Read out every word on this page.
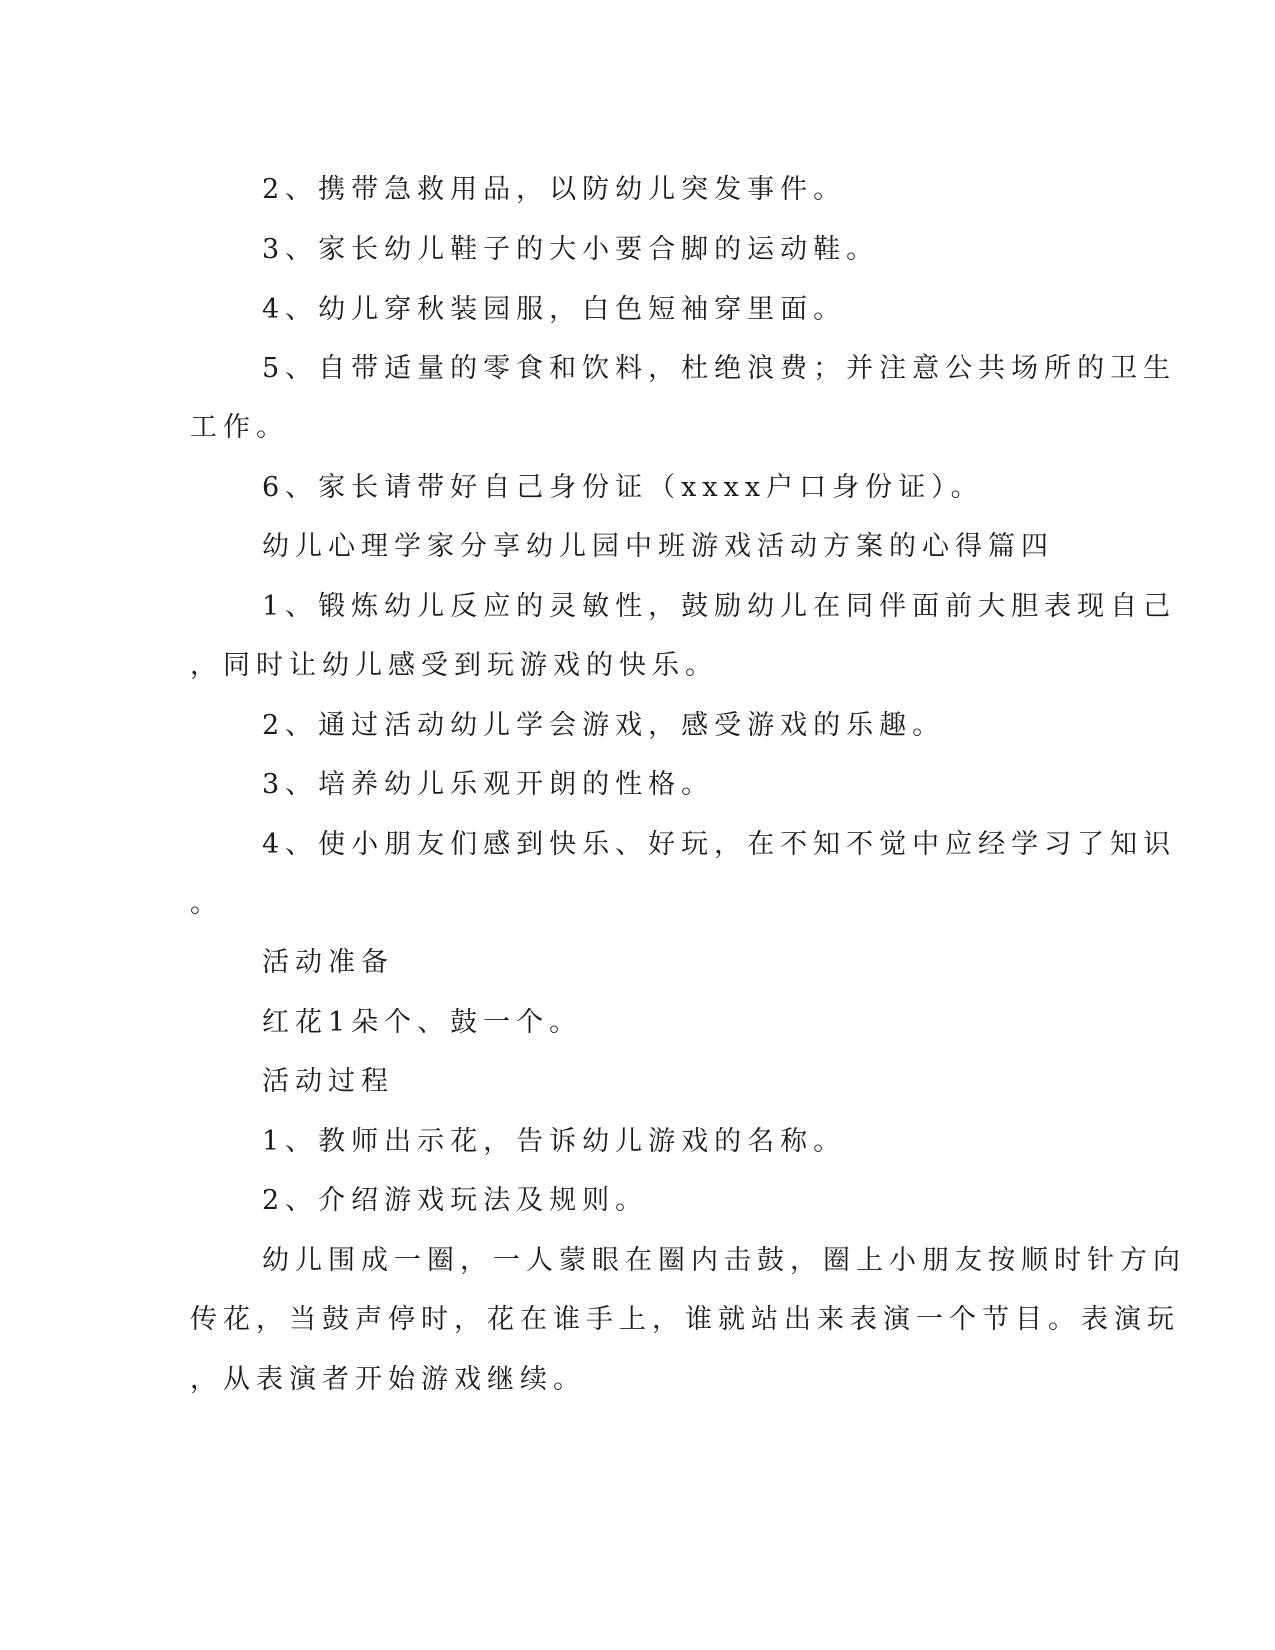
2、携带急救用品，以防幼儿突发事件。

3、家长幼儿鞋子的大小要合脚的运动鞋。

4、幼儿穿秋装园服，白色短袖穿里面。

5、自带适量的零食和饮料，杜绝浪费；并注意公共场所的卫生

工作。

6、家长请带好自己身份证（xxxx户口身份证）。

幼儿心理学家分享幼儿园中班游戏活动方案的心得篇四

1、锻炼幼儿反应的灵敏性，鼓励幼儿在同伴面前大胆表现自己

，同时让幼儿感受到玩游戏的快乐。

2、通过活动幼儿学会游戏，感受游戏的乐趣。

3、培养幼儿乐观开朗的性格。

4、使小朋友们感到快乐、好玩，在不知不觉中应经学习了知识

。

活动准备

红花1朵个、鼓一个。

活动过程

1、教师出示花，告诉幼儿游戏的名称。

2、介绍游戏玩法及规则。

幼儿围成一圈，一人蒙眼在圈内击鼓，圈上小朋友按顺时针方向

传花，当鼓声停时，花在谁手上，谁就站出来表演一个节目。表演玩

，从表演者开始游戏继续。
